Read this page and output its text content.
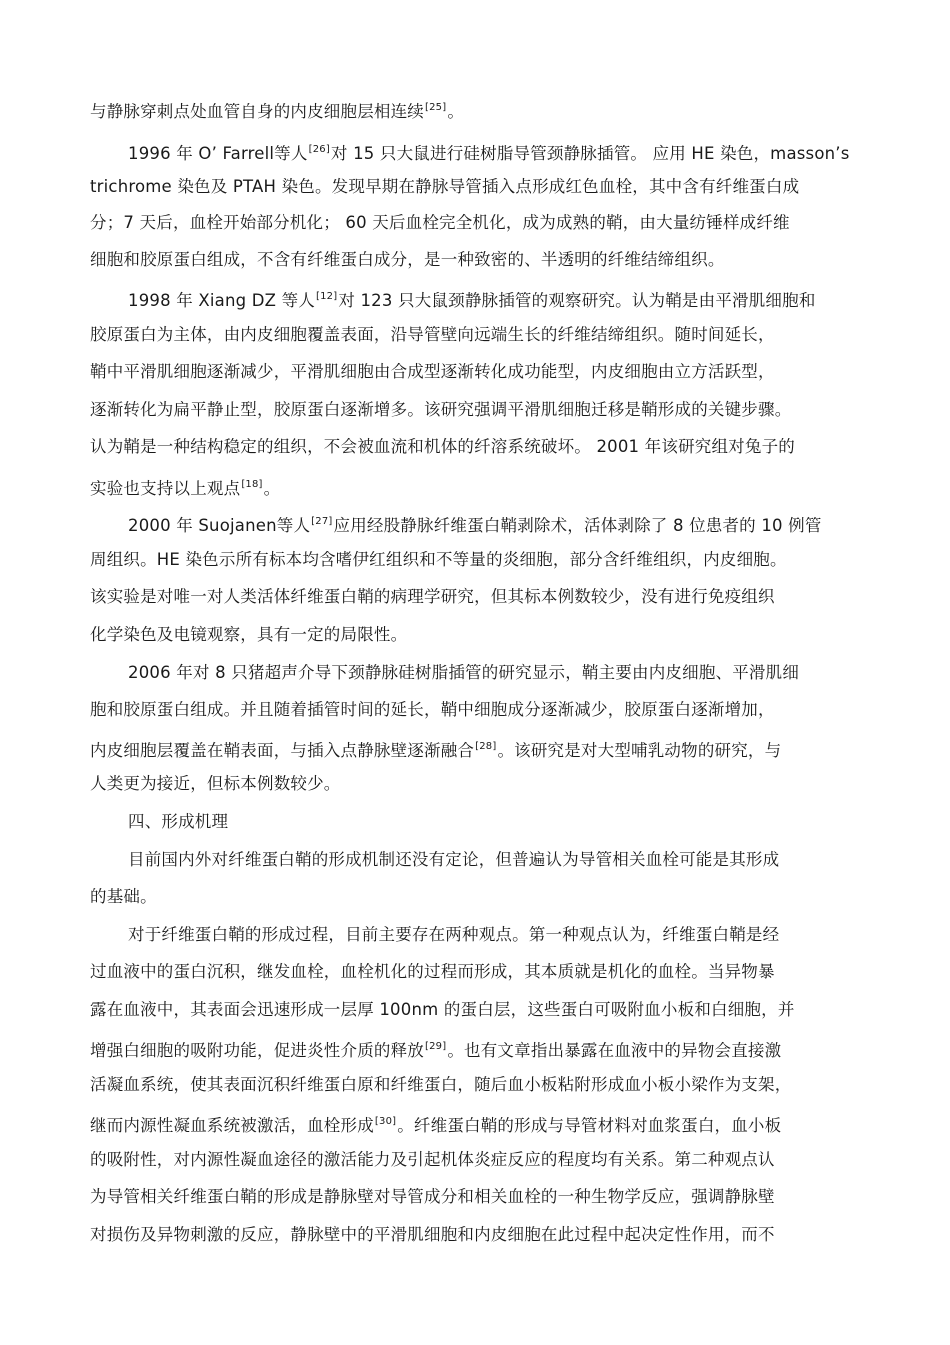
与静脉穿刺点处血管自身的内皮细胞层相连续[25]。
1996 年 O’ Farrell等人[26]对 15 只大鼠进行硅树脂导管颈静脉插管。 应用 HE 染色，masson’s
trichrome 染色及 PTAH 染色。发现早期在静脉导管插入点形成红色血栓，其中含有纤维蛋白成
分；7 天后，血栓开始部分机化； 60 天后血栓完全机化，成为成熟的鞘，由大量纺锤样成纤维
细胞和胶原蛋白组成，不含有纤维蛋白成分，是一种致密的、半透明的纤维结缔组织。
1998 年 Xiang DZ 等人[12]对 123 只大鼠颈静脉插管的观察研究。认为鞘是由平滑肌细胞和
胶原蛋白为主体，由内皮细胞覆盖表面，沿导管壁向远端生长的纤维结缔组织。随时间延长，
鞘中平滑肌细胞逐渐减少，平滑肌细胞由合成型逐渐转化成功能型，内皮细胞由立方活跃型，
逐渐转化为扁平静止型，胶原蛋白逐渐增多。该研究强调平滑肌细胞迁移是鞘形成的关键步骤。
认为鞘是一种结构稳定的组织，不会被血流和机体的纤溶系统破坏。 2001 年该研究组对兔子的
实验也支持以上观点[18]。
2000 年 Suojanen等人[27]应用经股静脉纤维蛋白鞘剥除术，活体剥除了 8 位患者的 10 例管
周组织。HE 染色示所有标本均含嗜伊红组织和不等量的炎细胞，部分含纤维组织，内皮细胞。
该实验是对唯一对人类活体纤维蛋白鞘的病理学研究，但其标本例数较少，没有进行免疫组织
化学染色及电镜观察，具有一定的局限性。
2006 年对 8 只猪超声介导下颈静脉硅树脂插管的研究显示，鞘主要由内皮细胞、平滑肌细
胞和胶原蛋白组成。并且随着插管时间的延长，鞘中细胞成分逐渐减少，胶原蛋白逐渐增加，
内皮细胞层覆盖在鞘表面，与插入点静脉壁逐渐融合[28]。该研究是对大型哺乳动物的研究，与
人类更为接近，但标本例数较少。
四、形成机理
目前国内外对纤维蛋白鞘的形成机制还没有定论，但普遍认为导管相关血栓可能是其形成
的基础。
对于纤维蛋白鞘的形成过程，目前主要存在两种观点。第一种观点认为，纤维蛋白鞘是经
过血液中的蛋白沉积，继发血栓，血栓机化的过程而形成，其本质就是机化的血栓。当异物暴
露在血液中，其表面会迅速形成一层厚 100nm 的蛋白层，这些蛋白可吸附血小板和白细胞，并
增强白细胞的吸附功能，促进炎性介质的释放[29]。也有文章指出暴露在血液中的异物会直接激
活凝血系统，使其表面沉积纤维蛋白原和纤维蛋白，随后血小板粘附形成血小板小梁作为支架，
继而内源性凝血系统被激活，血栓形成[30]。纤维蛋白鞘的形成与导管材料对血浆蛋白，血小板
的吸附性，对内源性凝血途径的激活能力及引起机体炎症反应的程度均有关系。第二种观点认
为导管相关纤维蛋白鞘的形成是静脉壁对导管成分和相关血栓的一种生物学反应，强调静脉壁
对损伤及异物刺激的反应，静脉壁中的平滑肌细胞和内皮细胞在此过程中起决定性作用，而不
